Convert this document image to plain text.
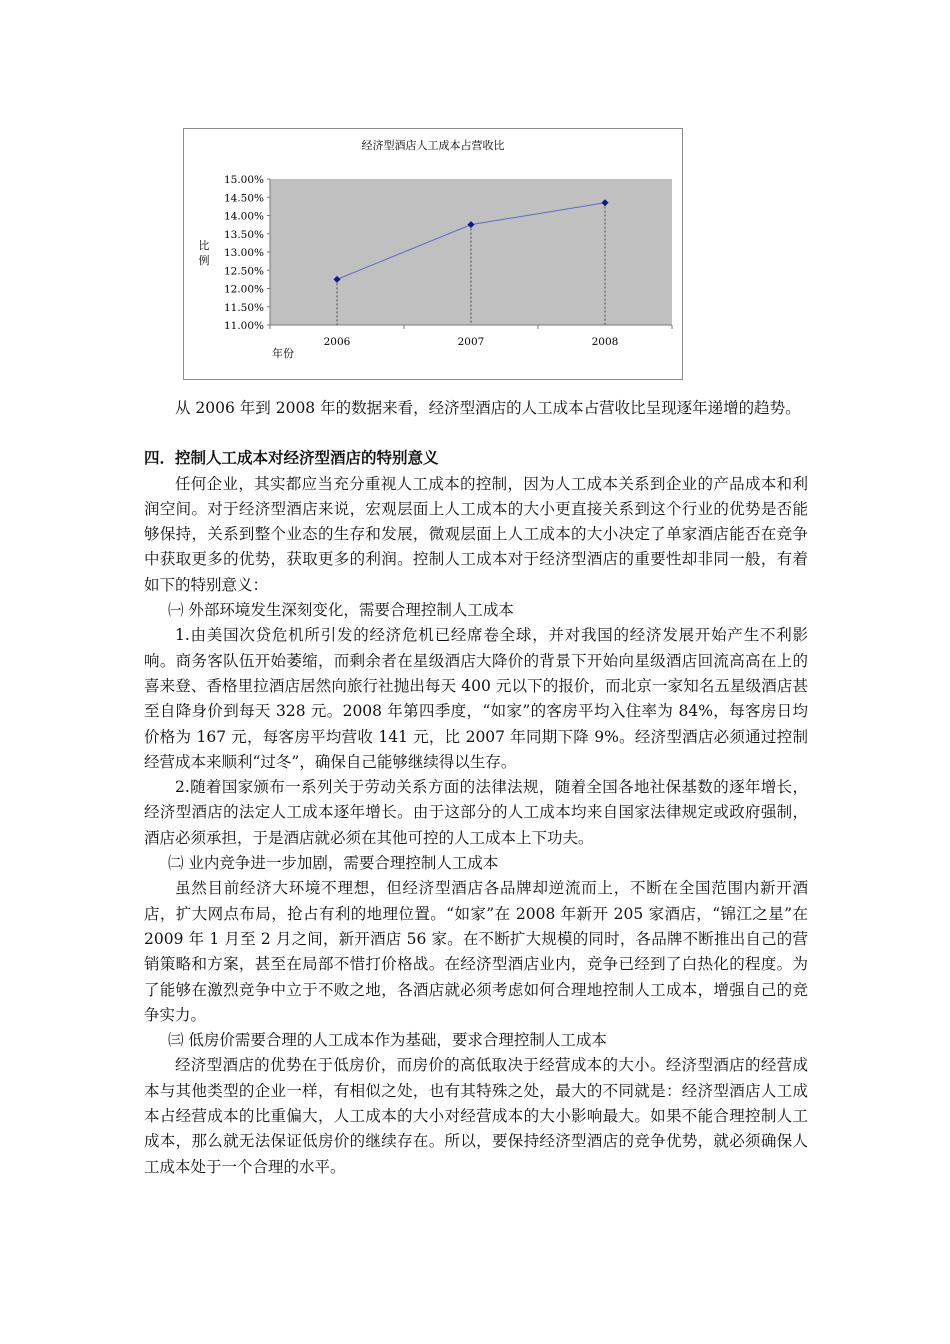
经济型酒店人工成本占营收比
15.00%
14.50%
14.00%
13.50%
13.00%
12.50%
12.00%
11.50%
11.00%
2006	2007	2008
比
例
年份

从 2006 年到 2008 年的数据来看，经济型酒店的人工成本占营收比呈现逐年递增的趋势。

四．控制人工成本对经济型酒店的特别意义

任何企业，其实都应当充分重视人工成本的控制，因为人工成本关系到企业的产品成本和利润空间。对于经济型酒店来说，宏观层面上人工成本的大小更直接关系到这个行业的优势是否能够保持，关系到整个业态的生存和发展，微观层面上人工成本的大小决定了单家酒店能否在竞争中获取更多的优势，获取更多的利润。控制人工成本对于经济型酒店的重要性却非同一般，有着如下的特别意义：

㈠ 外部环境发生深刻变化，需要合理控制人工成本

1.由美国次贷危机所引发的经济危机已经席卷全球，并对我国的经济发展开始产生不利影响。商务客队伍开始萎缩，而剩余者在星级酒店大降价的背景下开始向星级酒店回流高高在上的喜来登、香格里拉酒店居然向旅行社抛出每天 400 元以下的报价，而北京一家知名五星级酒店甚至自降身价到每天 328 元。2008 年第四季度，“如家”的客房平均入住率为 84%，每客房日均价格为 167 元，每客房平均营收 141 元，比 2007 年同期下降 9%。经济型酒店必须通过控制经营成本来顺利“过冬”，确保自己能够继续得以生存。

2.随着国家颁布一系列关于劳动关系方面的法律法规，随着全国各地社保基数的逐年增长，经济型酒店的法定人工成本逐年增长。由于这部分的人工成本均来自国家法律规定或政府强制，酒店必须承担，于是酒店就必须在其他可控的人工成本上下功夫。

㈡ 业内竞争进一步加剧，需要合理控制人工成本

虽然目前经济大环境不理想，但经济型酒店各品牌却逆流而上，不断在全国范围内新开酒店，扩大网点布局，抢占有利的地理位置。“如家”在 2008 年新开 205 家酒店，“锦江之星”在 2009 年 1 月至 2 月之间，新开酒店 56 家。在不断扩大规模的同时，各品牌不断推出自己的营销策略和方案，甚至在局部不惜打价格战。在经济型酒店业内，竞争已经到了白热化的程度。为了能够在激烈竞争中立于不败之地，各酒店就必须考虑如何合理地控制人工成本，增强自己的竞争实力。

㈢ 低房价需要合理的人工成本作为基础，要求合理控制人工成本

经济型酒店的优势在于低房价，而房价的高低取决于经营成本的大小。经济型酒店的经营成本与其他类型的企业一样，有相似之处，也有其特殊之处，最大的不同就是：经济型酒店人工成本占经营成本的比重偏大，人工成本的大小对经营成本的大小影响最大。如果不能合理控制人工成本，那么就无法保证低房价的继续存在。所以，要保持经济型酒店的竞争优势，就必须确保人工成本处于一个合理的水平。
